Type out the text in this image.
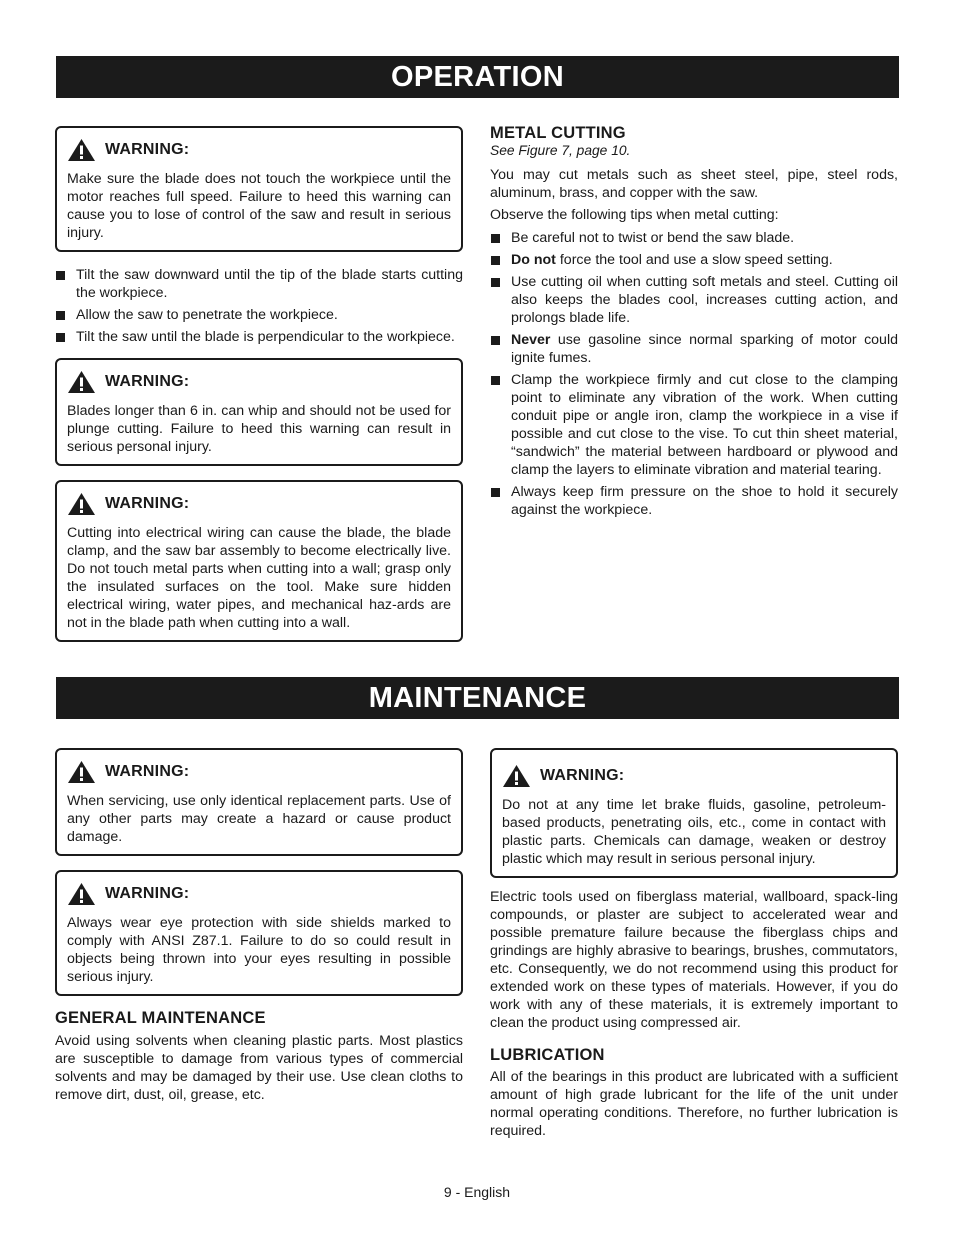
OPERATION
WARNING:
Make sure the blade does not touch the workpiece until the motor reaches full speed. Failure to heed this warning can cause you to lose of control of the saw and result in serious injury.
Tilt the saw downward until the tip of the blade starts cutting the workpiece.
Allow the saw to penetrate the workpiece.
Tilt the saw until the blade is perpendicular to the workpiece.
WARNING:
Blades longer than 6 in. can whip and should not be used for plunge cutting. Failure to heed this warning can result in serious personal injury.
WARNING:
Cutting into electrical wiring can cause the blade, the blade clamp, and the saw bar assembly to become electrically live. Do not touch metal parts when cutting into a wall; grasp only the insulated surfaces on the tool. Make sure hidden electrical wiring, water pipes, and mechanical haz-ards are not in the blade path when cutting into a wall.
METAL CUTTING
See Figure 7, page 10.

You may cut metals such as sheet steel, pipe, steel rods, aluminum, brass, and copper with the saw.

Observe the following tips when metal cutting:

Be careful not to twist or bend the saw blade.
Do not force the tool and use a slow speed setting.
Use cutting oil when cutting soft metals and steel. Cutting oil also keeps the blades cool, increases cutting action, and prolongs blade life.
Never use gasoline since normal sparking of motor could ignite fumes.
Clamp the workpiece firmly and cut close to the clamping point to eliminate any vibration of the work. When cutting conduit pipe or angle iron, clamp the workpiece in a vise if possible and cut close to the vise. To cut thin sheet material, “sandwich” the material between hardboard or plywood and clamp the layers to eliminate vibration and material tearing.
Always keep firm pressure on the shoe to hold it securely against the workpiece.
MAINTENANCE
WARNING:
When servicing, use only identical replacement parts. Use of any other parts may create a hazard or cause product damage.
WARNING:
Always wear eye protection with side shields marked to comply with ANSI Z87.1. Failure to do so could result in objects being thrown into your eyes resulting in possible serious injury.
GENERAL MAINTENANCE

Avoid using solvents when cleaning plastic parts. Most plastics are susceptible to damage from various types of commercial solvents and may be damaged by their use. Use clean cloths to remove dirt, dust, oil, grease, etc.

WARNING:
Do not at any time let brake fluids, gasoline, petroleum-based products, penetrating oils, etc., come in contact with plastic parts. Chemicals can damage, weaken or destroy plastic which may result in serious personal injury.

Electric tools used on fiberglass material, wallboard, spack-ling compounds, or plaster are subject to accelerated wear and possible premature failure because the fiberglass chips and grindings are highly abrasive to bearings, brushes, commutators, etc. Consequently, we do not recommend using this product for extended work on these types of materials. However, if you do work with any of these materials, it is extremely important to clean the product using compressed air.

LUBRICATION

All of the bearings in this product are lubricated with a sufficient amount of high grade lubricant for the life of the unit under normal operating conditions. Therefore, no further lubrication is required.

9 - English
